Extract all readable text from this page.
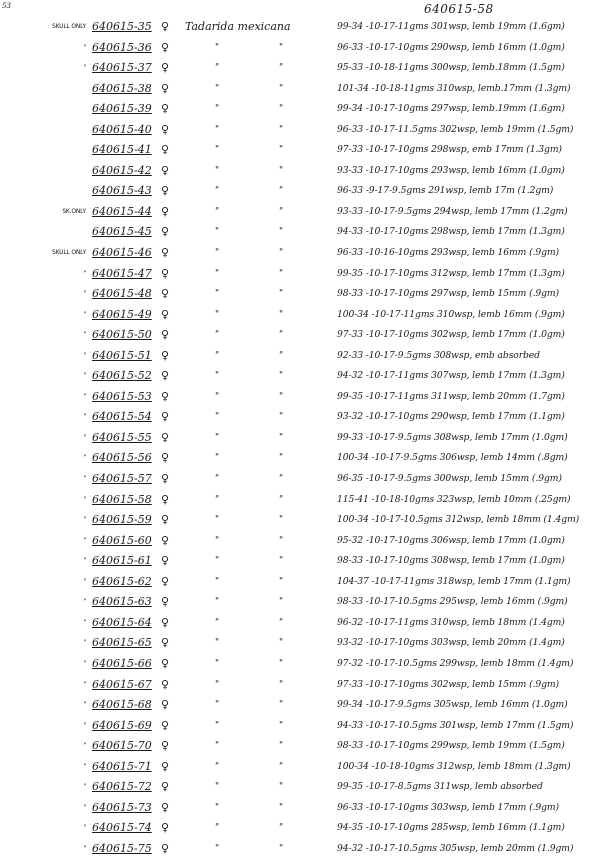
53	640615-58
SKULL ONLY 640615-35 ♀ Tadarida mexicana	99-34 -10-17-11gms 301wsp, lemb 19mm (1.6gm)
" 640615-36 ♀	"	"	96-33 -10-17-10gms 290wsp, lemb 16mm (1.0gm)
" 640615-37 ♀	"	"	95-33 -10-18-11gms 300wsp, lemb.18mm (1.5gm)
640615-38 ♀	"	"	101-34 -10-18-11gms 310wsp, lemb.17mm (1.3gm)
640615-39 ♀	"	"	99-34 -10-17-10gms 297wsp, lemb.19mm (1.6gm)
640615-40 ♀	"	"	96-33 -10-17-11.5gms 302wsp, lemb 19mm (1.5gm)
640615-41 ♀	"	"	97-33 -10-17-10gms 298wsp, emb 17mm (1.3gm)
640615-42 ♀	"	"	93-33 -10-17-10gms 293wsp, lemb 16mm (1.0gm)
640615-43 ♀	"	"	96-33 -9-17-9.5gms 291wsp, lemb 17m (1.2gm)
SK.ONLY 640615-44 ♀	"	"	93-33 -10-17-9.5gms 294wsp, lemb 17mm (1.2gm)
640615-45 ♀	"	"	94-33 -10-17-10gms 298wsp, lemb 17mm (1.3gm)
SKULL ONLY 640615-46 ♀	"	"	96-33 -10-16-10gms 293wsp, lemb 16mm (.9gm)
" 640615-47 ♀	"	"	99-35 -10-17-10gms 312wsp, lemb 17mm (1.3gm)
" 640615-48 ♀	"	"	98-33 -10-17-10gms 297wsp, lemb 15mm (.9gm)
" 640615-49 ♀	"	"	100-34 -10-17-11gms 310wsp, lemb 16mm (.9gm)
" 640615-50 ♀	"	"	97-33 -10-17-10gms 302wsp, lemb 17mm (1.0gm)
" 640615-51 ♀	"	"	92-33 -10-17-9.5gms 308wsp, emb absorbed
" 640615-52 ♀	"	"	94-32 -10-17-11gms 307wsp, lemb 17mm (1.3gm)
" 640615-53 ♀	"	"	99-35 -10-17-11gms 311wsp, lemb 20mm (1.7gm)
" 640615-54 ♀	"	"	93-32 -10-17-10gms 290wsp, lemb 17mm (1.1gm)
" 640615-55 ♀	"	"	99-33 -10-17-9.5gms 308wsp, lemb 17mm (1.0gm)
" 640615-56 ♀	"	"	100-34 -10-17-9.5gms 306wsp, lemb 14mm (.8gm)
" 640615-57 ♀	"	"	96-35 -10-17-9.5gms 300wsp, lemb 15mm (.9gm)
" 640615-58 ♀	"	"	115-41 -10-18-10gms 323wsp, lemb 10mm (.25gm)
" 640615-59 ♀	"	"	100-34 -10-17-10.5gms 312wsp, lemb 18mm (1.4gm)
" 640615-60 ♀	"	"	95-32 -10-17-10gms 306wsp, lemb 17mm (1.0gm)
" 640615-61 ♀	"	"	98-33 -10-17-10gms 308wsp, lemb 17mm (1.0gm)
" 640615-62 ♀	"	"	104-37 -10-17-11gms 318wsp, lemb 17mm (1.1gm)
" 640615-63 ♀	"	"	98-33 -10-17-10.5gms 295wsp, lemb 16mm (.9gm)
" 640615-64 ♀	"	"	96-32 -10-17-11gms 310wsp, lemb 18mm (1.4gm)
" 640615-65 ♀	"	"	93-32 -10-17-10gms 303wsp, lemb 20mm (1.4gm)
" 640615-66 ♀	"	"	97-32 -10-17-10.5gms 299wsp, lemb 18mm (1.4gm)
" 640615-67 ♀	"	"	97-33 -10-17-10gms 302wsp, lemb 15mm (.9gm)
" 640615-68 ♀	"	"	99-34 -10-17-9.5gms 305wsp, lemb 16mm (1.0gm)
" 640615-69 ♀	"	"	94-33 -10-17-10.5gms 301wsp, lemb 17mm (1.5gm)
" 640615-70 ♀	"	"	98-33 -10-17-10gms 299wsp, lemb 19mm (1.5gm)
" 640615-71 ♀	"	"	100-34 -10-18-10gms 312wsp, lemb 18mm (1.3gm)
" 640615-72 ♀	"	"	99-35 -10-17-8.5gms 311wsp, lemb absorbed
" 640615-73 ♀	"	"	96-33 -10-17-10gms 303wsp, lemb 17mm (.9gm)
" 640615-74 ♀	"	"	94-35 -10-17-10gms 285wsp, lemb 16mm (1.1gm)
" 640615-75 ♀	"	"	94-32 -10-17-10.5gms 305wsp, lemb 20mm (1.9gm)
